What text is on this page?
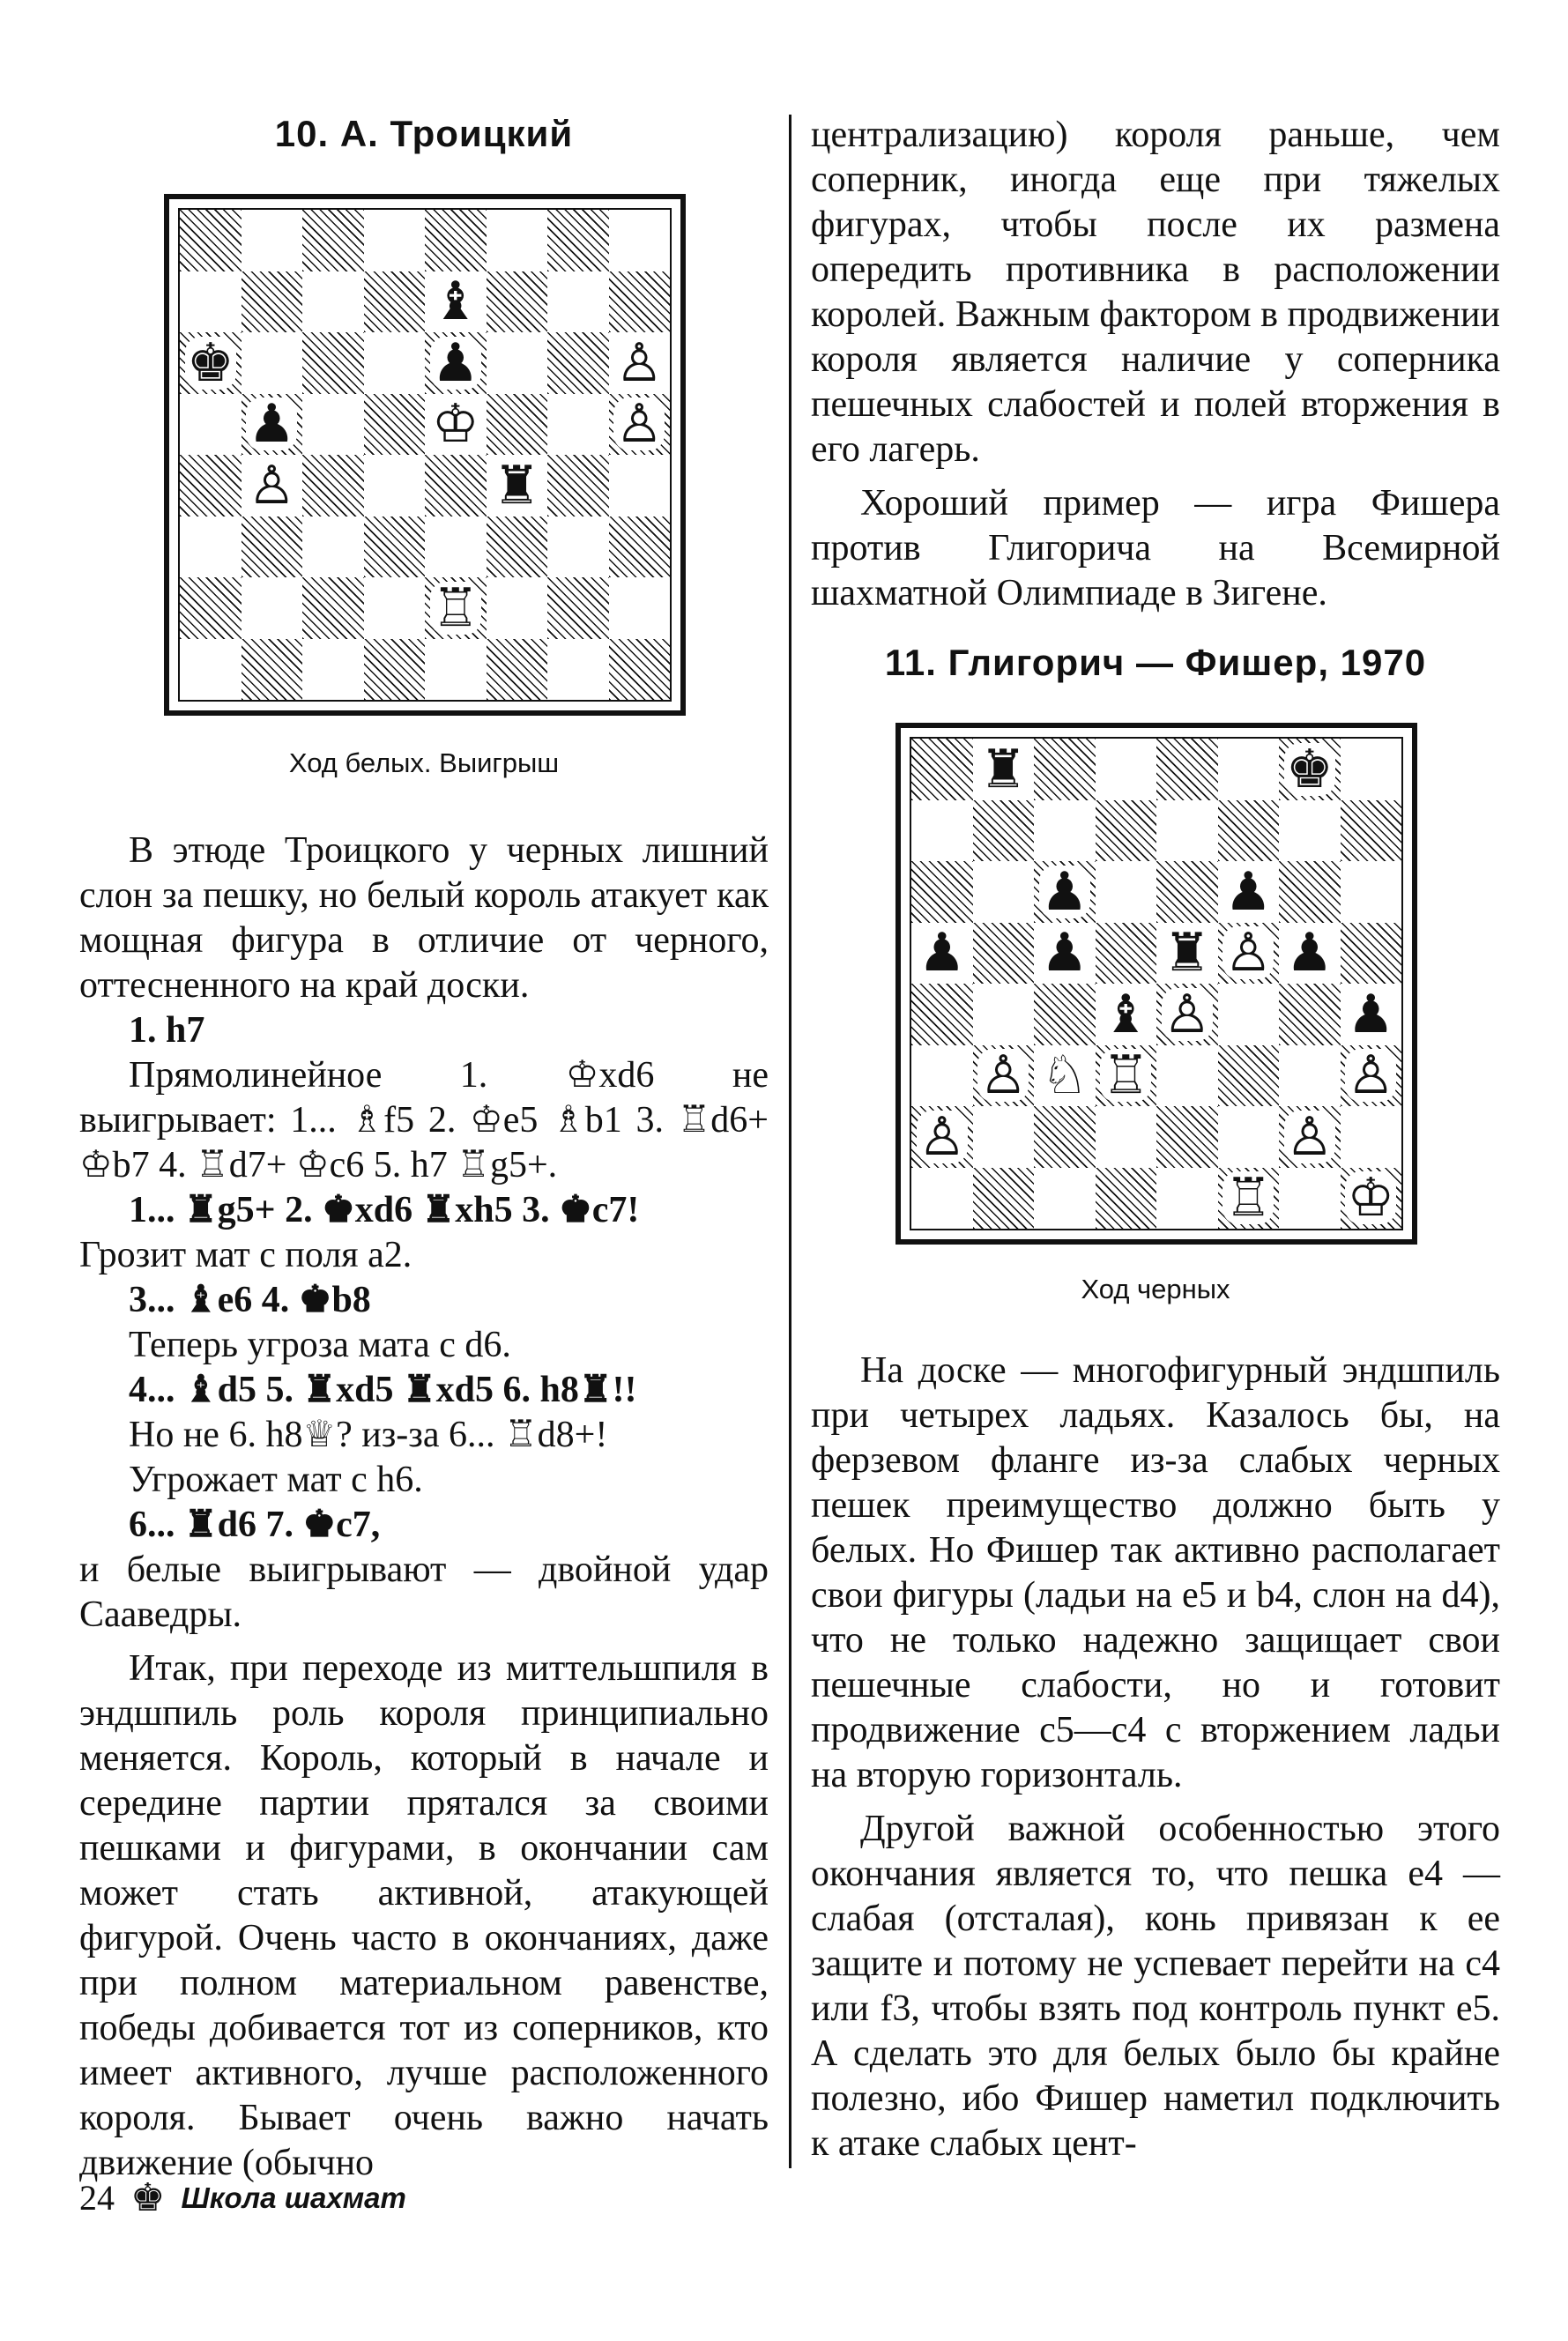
10. А. Троицкий
♝
♚	♟	♙
♟	♔	♙
♙	♜
♖
Ход белых. Выигрыш

В этюде Троицкого у черных лишний слон за пешку, но белый король атакует как мощная фигура в отличие от черного, оттесненного на край доски.

1. h7

Прямолинейное 1. ♔xd6 не выигрывает: 1... ♗f5 2. ♔e5 ♗b1 3. ♖d6+ ♔b7 4. ♖d7+ ♔c6 5. h7 ♖g5+.

1... ♜g5+ 2. ♚xd6 ♜xh5 3. ♚c7!

Грозит мат с поля a2.

3... ♝e6 4. ♚b8

Теперь угроза мата с d6.

4... ♝d5 5. ♜xd5 ♜xd5 6. h8♜!!

Но не 6. h8♕? из-за 6... ♖d8+!

Угрожает мат с h6.

6... ♜d6 7. ♚c7,

и белые выигрывают — двойной удар Сааведры.

Итак, при переходе из миттельшпиля в эндшпиль роль короля принципиально меняется. Король, который в начале и середине партии прятался за своими пешками и фигурами, в окончании сам может стать активной, атакующей фигурой. Очень часто в окончаниях, даже при полном материальном равенстве, победы добивается тот из соперников, кто имеет активного, лучше расположенного короля. Бывает очень важно начать движение (обычно

централизацию) короля раньше, чем соперник, иногда еще при тяжелых фигурах, чтобы после их размена опередить противника в расположении королей. Важным фактором в продвижении короля является наличие у соперника пешечных слабостей и полей вторжения в его лагерь.

Хороший пример — игра Фишера против Глигорича на Всемирной шахматной Олимпиаде в Зигене.

11. Глигорич — Фишер, 1970
♜	♚
♟	♟
♟ ♟ ♜ ♙ ♟
♝ ♙	♟
♙ ♘ ♖	♙
♙	♙
♖ ♔
Ход черных

На доске — многофигурный эндшпиль при четырех ладьях. Казалось бы, на ферзевом фланге из-за слабых черных пешек преимущество должно быть у белых. Но Фишер так активно располагает свои фигуры (ладьи на e5 и b4, слон на d4), что не только надежно защищает свои пешечные слабости, но и готовит продвижение c5—c4 с вторжением ладьи на вторую горизонталь.

Другой важной особенностью этого окончания является то, что пешка e4 — слабая (отсталая), конь привязан к ее защите и потому не успевает перейти на c4 или f3, чтобы взять под контроль пункт e5. А сделать это для белых было бы крайне полезно, ибо Фишер наметил подключить к атаке слабых цент-

24 ♚ Школа шахмат
